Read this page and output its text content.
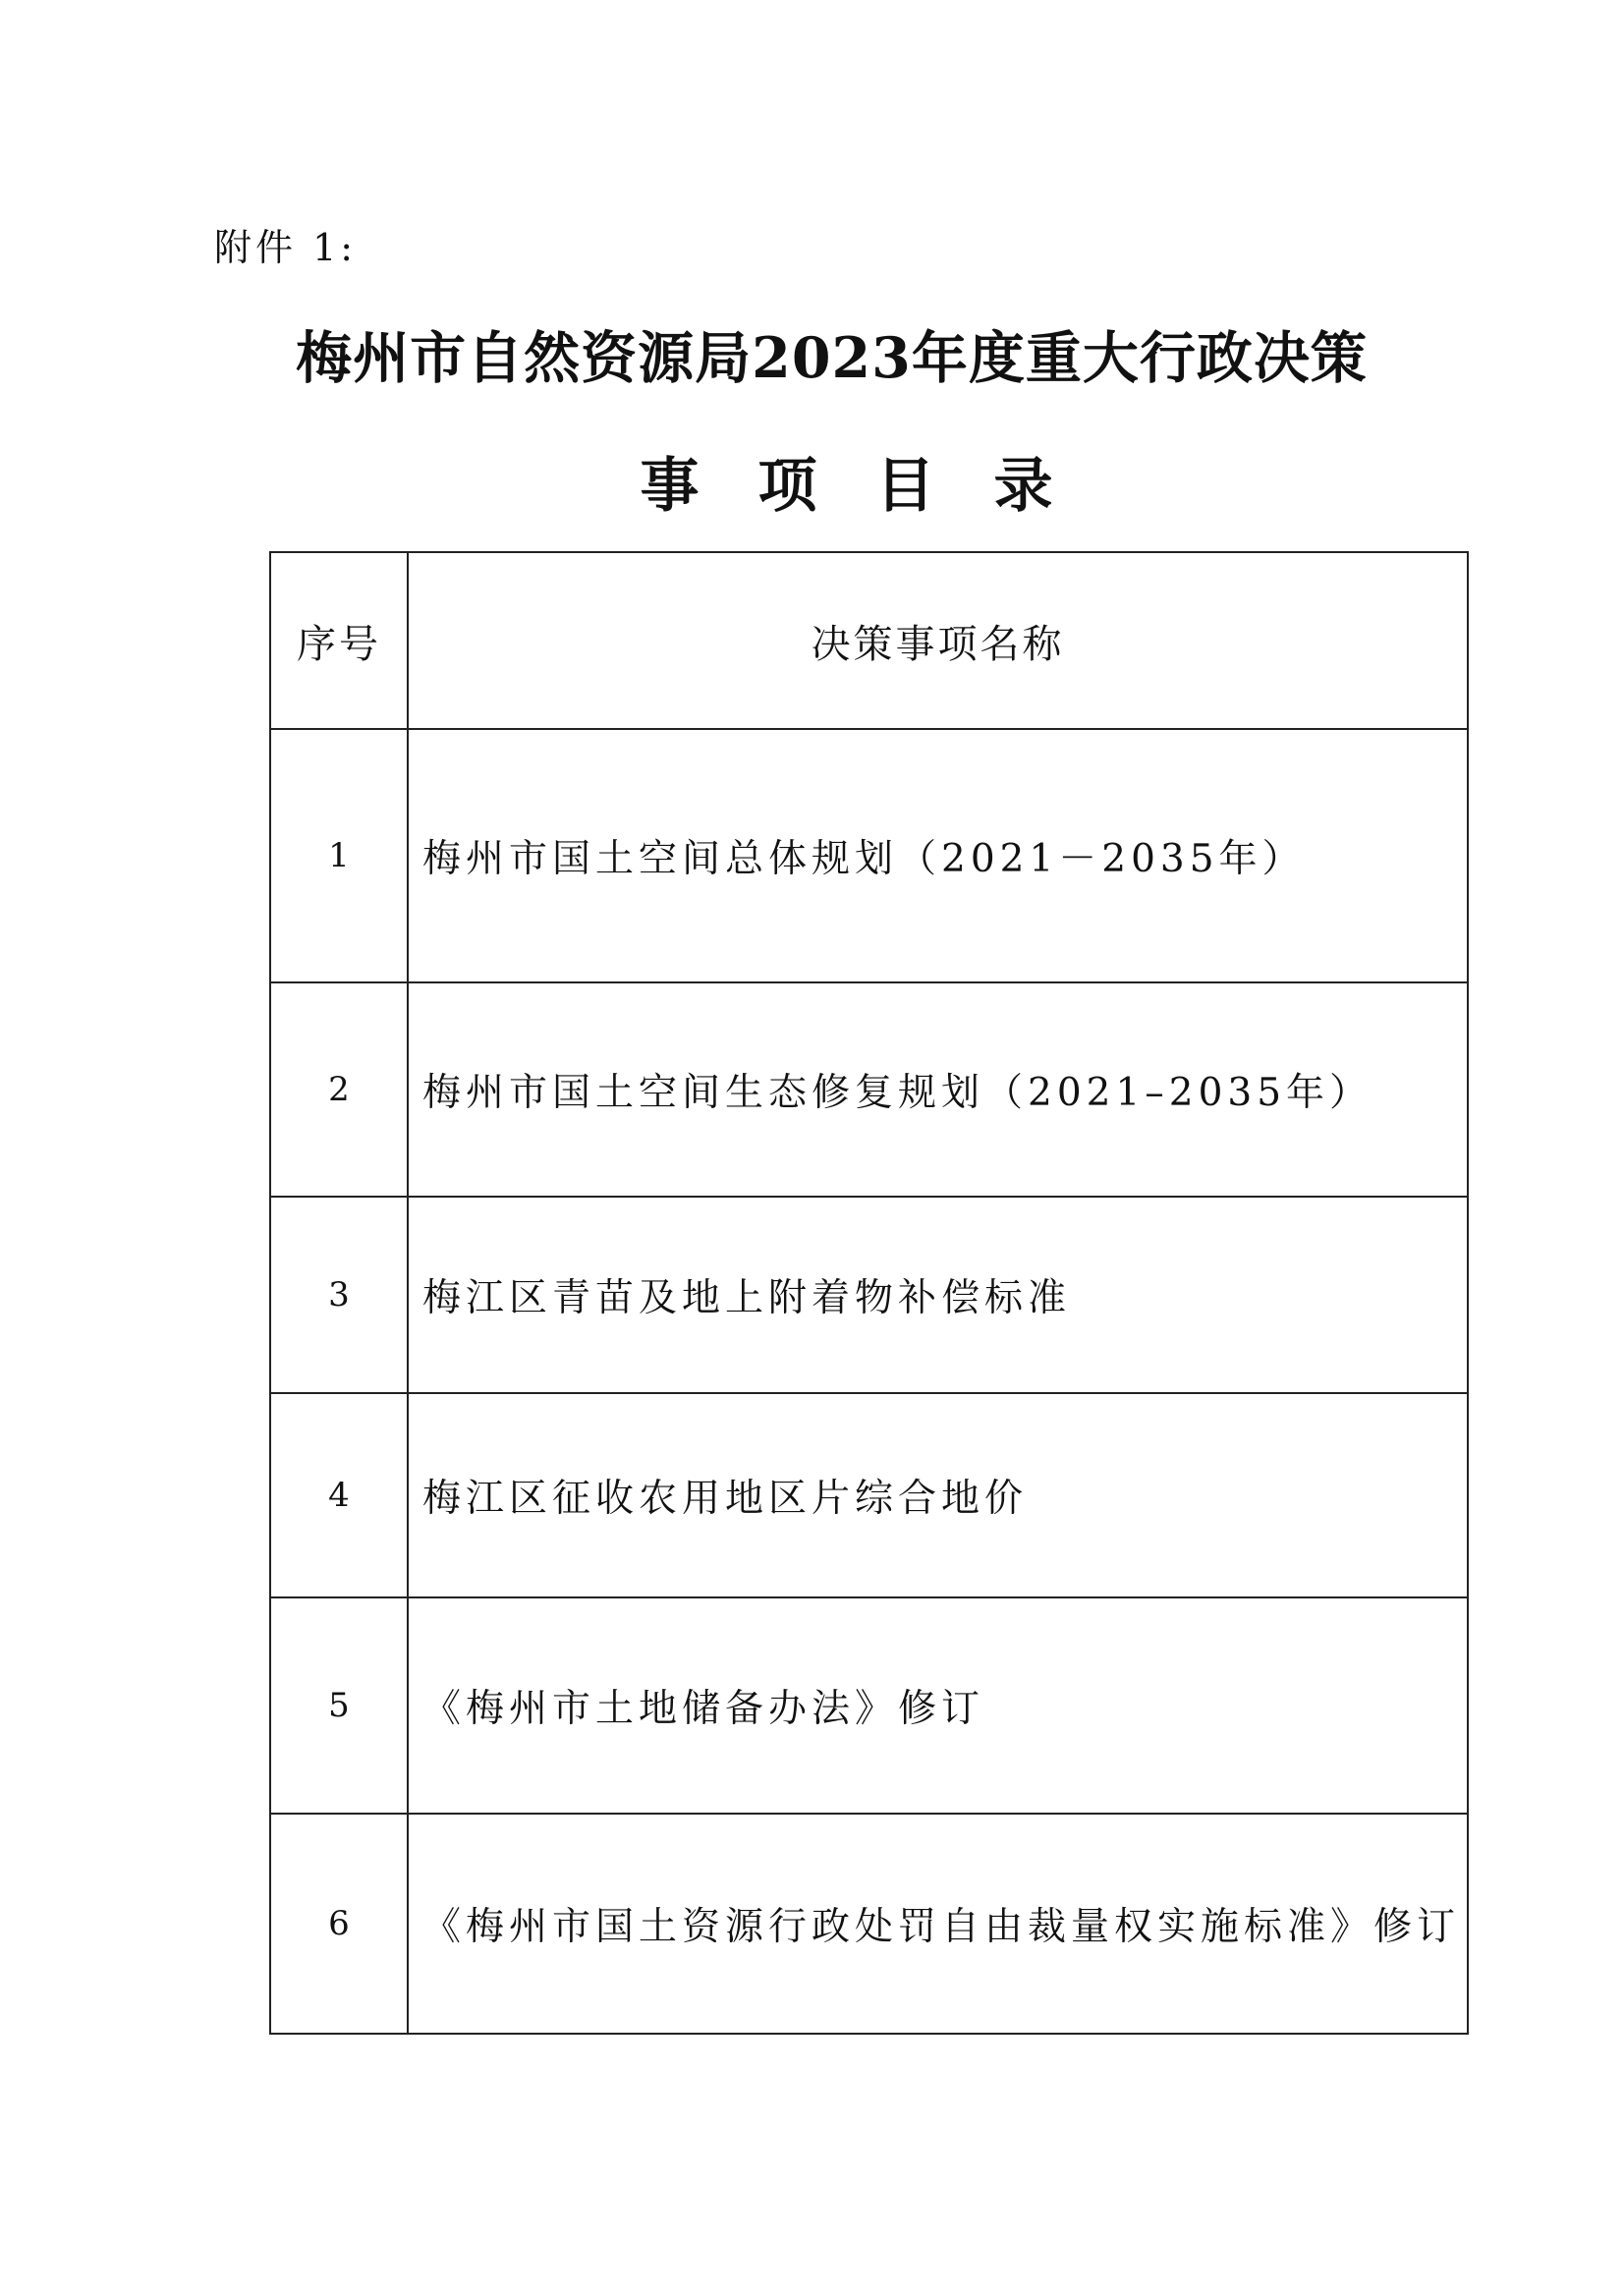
附件 1:
梅州市自然资源局2023年度重大行政决策
事项目录
序号	决策事项名称
1	梅州市国土空间总体规划（2021－2035年）
2	梅州市国土空间生态修复规划（2021–2035年）
3	梅江区青苗及地上附着物补偿标准
4	梅江区征收农用地区片综合地价
5	《梅州市土地储备办法》修订
6	《梅州市国土资源行政处罚自由裁量权实施标准》修订
